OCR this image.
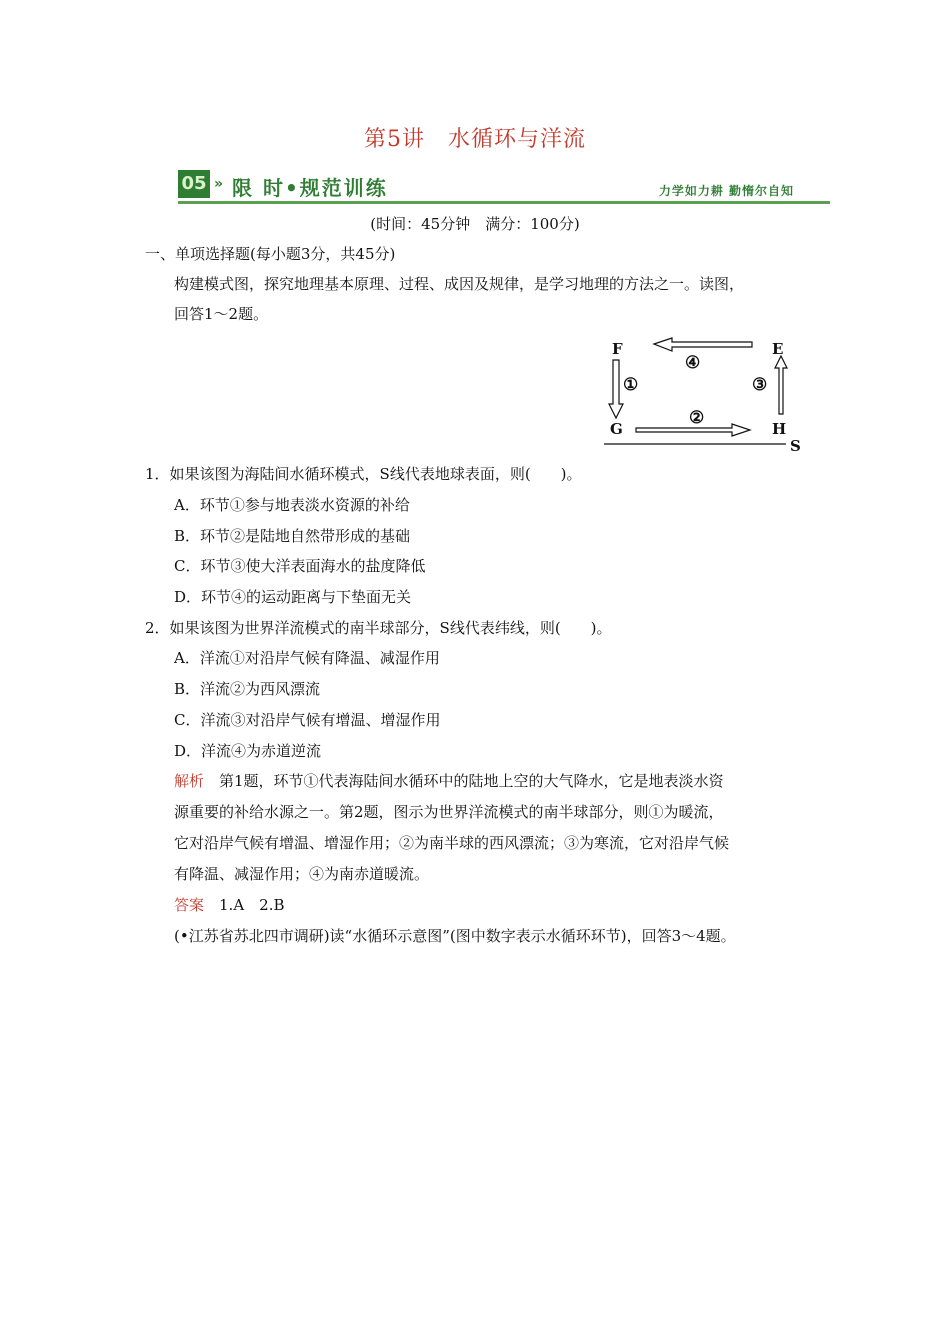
第5讲　水循环与洋流
05 » 限 时•规范训练	力学如力耕 勤惰尔自知
(时间：45分钟　满分：100分)
一、单项选择题(每小题3分，共45分)
构建模式图，探究地理基本原理、过程、成因及规律，是学习地理的方法之一。读图，
回答1～2题。
F	E
G	H
S
④
①
②
③
1．如果该图为海陆间水循环模式，S线代表地球表面，则(　　)。
A．环节①参与地表淡水资源的补给
B．环节②是陆地自然带形成的基础
C．环节③使大洋表面海水的盐度降低
D．环节④的运动距离与下垫面无关
2．如果该图为世界洋流模式的南半球部分，S线代表纬线，则(　　)。
A．洋流①对沿岸气候有降温、减湿作用
B．洋流②为西风漂流
C．洋流③对沿岸气候有增温、增湿作用
D．洋流④为赤道逆流
解析　第1题，环节①代表海陆间水循环中的陆地上空的大气降水，它是地表淡水资
源重要的补给水源之一。第2题，图示为世界洋流模式的南半球部分，则①为暖流，
它对沿岸气候有增温、增湿作用；②为南半球的西风漂流；③为寒流，它对沿岸气候
有降温、减湿作用；④为南赤道暖流。
答案　1.A　2.B
(•江苏省苏北四市调研)读“水循环示意图”(图中数字表示水循环环节)，回答3～4题。
